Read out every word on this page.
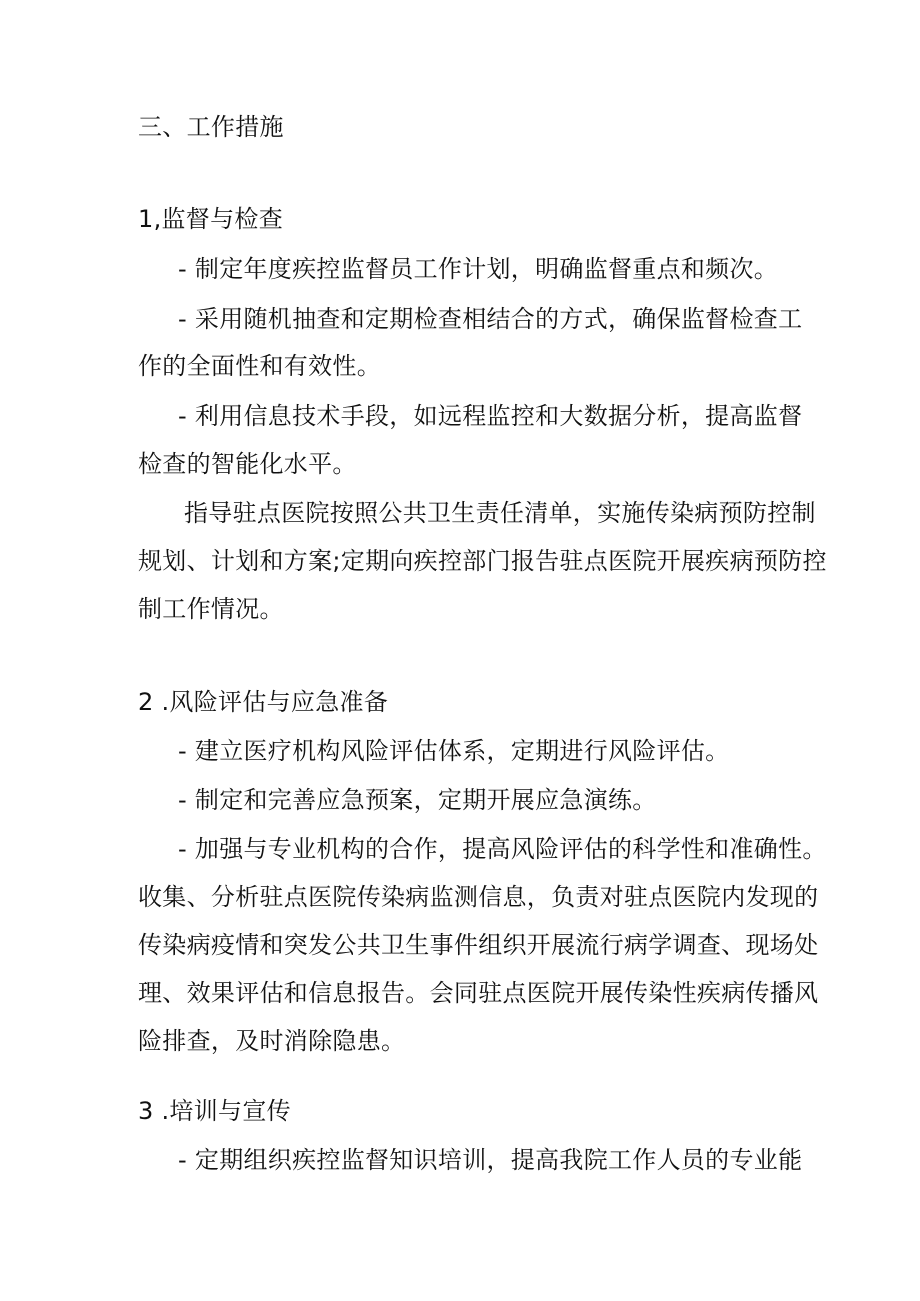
三、工作措施
1,监督与检查
- 制定年度疾控监督员工作计划，明确监督重点和频次。
- 采用随机抽查和定期检查相结合的方式，确保监督检查工
作的全面性和有效性。
- 利用信息技术手段，如远程监控和大数据分析，提高监督
检查的智能化水平。
指导驻点医院按照公共卫生责任清单，实施传染病预防控制
规划、计划和方案;定期向疾控部门报告驻点医院开展疾病预防控
制工作情况。
2 .风险评估与应急准备
- 建立医疗机构风险评估体系，定期进行风险评估。
- 制定和完善应急预案，定期开展应急演练。
- 加强与专业机构的合作，提高风险评估的科学性和准确性。
收集、分析驻点医院传染病监测信息，负责对驻点医院内发现的
传染病疫情和突发公共卫生事件组织开展流行病学调查、现场处
理、效果评估和信息报告。会同驻点医院开展传染性疾病传播风
险排查，及时消除隐患。
3 .培训与宣传
- 定期组织疾控监督知识培训，提高我院工作人员的专业能
